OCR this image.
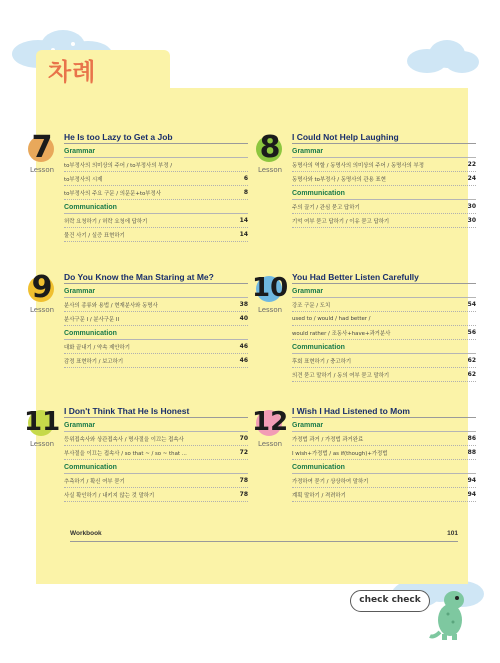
차례
7
Lesson
He Is too Lazy to Get a Job
Grammar
to부정사의 의미상의 주어 / to부정사의 부정 /
to부정사의 시제	6
to부정사의 주요 구문 / 의문문+to부정사	8
Communication
허락 요청하기 / 허락 요청에 답하기	14
물건 사기 / 실증 표현하기	14
8
Lesson
I Could Not Help Laughing
Grammar
동명사의 역할 / 동명사의 의미상의 주어 / 동명사의 부정	22
동명사와 to부정사 / 동명사의 관용 표현	24
Communication
주의 끌기 / 관심 묻고 답하기	30
기억 여부 묻고 답하기 / 이유 묻고 답하기	30
9
Lesson
Do You Know the Man Staring at Me?
Grammar
분사의 종류와 용법 / 현재분사와 동명사	38
분사구문 I / 분사구문 II	40
Communication
대화 끝내기 / 약속 제안하기	46
감정 표현하기 / 보고하기	46
10
Lesson
You Had Better Listen Carefully
Grammar
강조 구문 / 도치	54
used to / would / had better /
would rather / 조동사+have+과거분사	56
Communication
후회 표현하기 / 충고하기	62
의견 묻고 말하기 / 동의 여부 묻고 말하기	62
11
Lesson
I Don't Think That He Is Honest
Grammar
등위접속사와 상관접속사 / 명사절을 이끄는 접속사	70
부사절을 이끄는 접속사 / so that ~ / so ~ that ...	72
Communication
추측하기 / 확신 여부 묻기	78
사실 확인하기 / 내키지 않는 것 말하기	78
12
Lesson
I Wish I Had Listened to Mom
Grammar
가정법 과거 / 가정법 과거완료	86
I wish+가정법 / as if(though)+가정법	88
Communication
가정하여 묻기 / 상상하여 말하기	94
계획 말하기 / 격려하기	94
Workbook	101
check check
